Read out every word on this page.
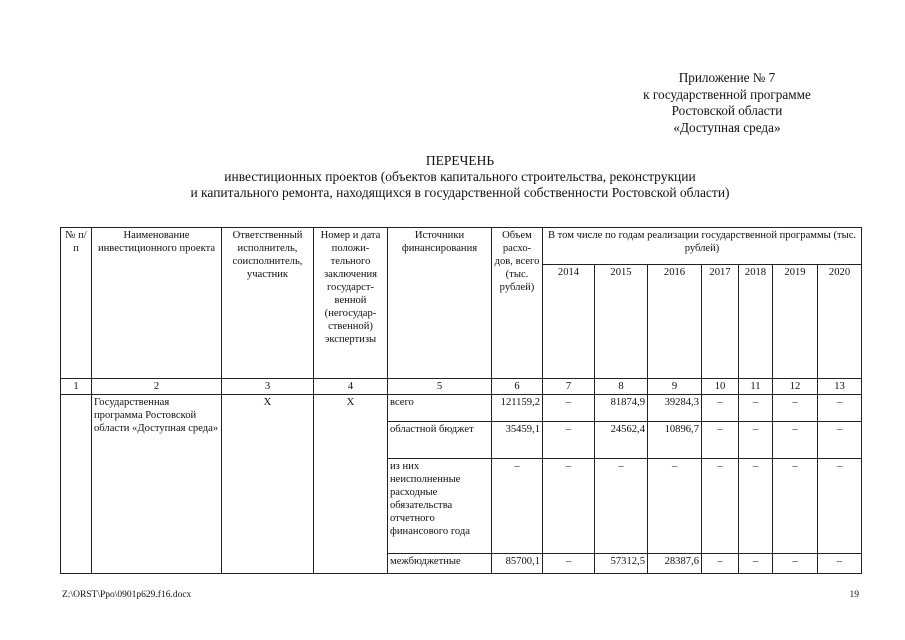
Приложение № 7
к государственной программе
Ростовской области
«Доступная среда»
ПЕРЕЧЕНЬ
инвестиционных проектов (объектов капитального строительства, реконструкции
и капитального ремонта, находящихся в государственной собственности Ростовской области)
№ п/п	Наименование инвестиционного проекта	Ответственный исполнитель, соисполнитель, участник	Номер и дата положи-тельного заключения государст-венной (негосудар-ственной) экспертизы	Источники финансирования	Объем расхо-дов, всего (тыс. рублей)	В том числе по годам реализации государственной программы (тыс. рублей)						
						2014	2015	2016	2017	2018	2019	2020
1	2	3	4	5	6	7	8	9	10	11	12	13
	Государственная программа Ростовской области «Доступная среда»	Х	Х	всего	121159,2	–	81874,9	39284,3	–	–	–	–
				областной бюджет	35459,1	–	24562,4	10896,7	–	–	–	–
				из них неисполненные расходные обязательства отчетного финансового года	–	–	–	–	–	–	–	–
				межбюджетные	85700,1	–	57312,5	28387,6	–	–	–	–
Z:\ORST\Ppo\0901p629.f16.docx	19
